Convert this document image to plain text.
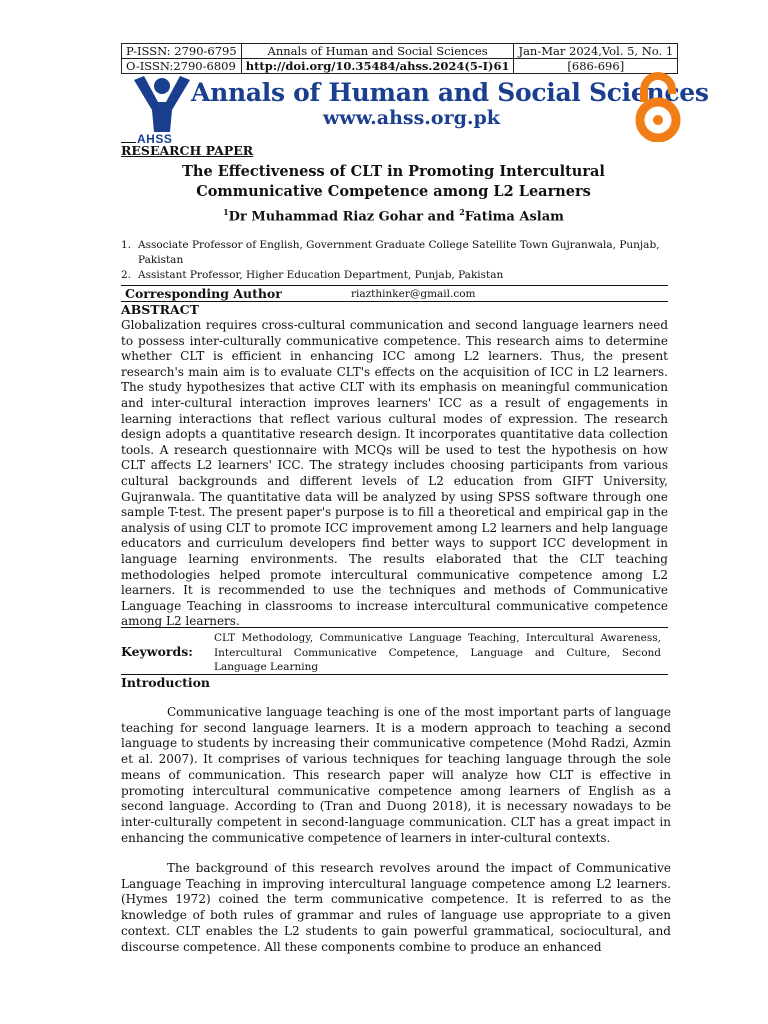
P-ISSN: 2790-6795	Annals of Human and Social Sciences	Jan-Mar 2024,Vol. 5, No. 1
O-ISSN:2790-6809	http://doi.org/10.35484/ahss.2024(5-I)61	[686-696]
AHSS
Annals of Human and Social Sciences
www.ahss.org.pk
RESEARCH PAPER
The Effectiveness of CLT in Promoting Intercultural Communicative Competence among L2 Learners
$^1$Dr Muhammad Riaz Gohar and $^2$Fatima Aslam
1. Associate Professor of English, Government Graduate College Satellite Town Gujranwala, Punjab, Pakistan
2. Assistant Professor, Higher Education Department, Punjab, Pakistan
Corresponding Author	riazthinker@gmail.com
ABSTRACT
Globalization requires cross-cultural communication and second language learners need to possess inter-culturally communicative competence. This research aims to determine whether CLT is efficient in enhancing ICC among L2 learners. Thus, the present research's main aim is to evaluate CLT's effects on the acquisition of ICC in L2 learners. The study hypothesizes that active CLT with its emphasis on meaningful communication and inter-cultural interaction improves learners' ICC as a result of engagements in learning interactions that reflect various cultural modes of expression. The research design adopts a quantitative research design. It incorporates quantitative data collection tools. A research questionnaire with MCQs will be used to test the hypothesis on how CLT affects L2 learners' ICC. The strategy includes choosing participants from various cultural backgrounds and different levels of L2 education from GIFT University, Gujranwala. The quantitative data will be analyzed by using SPSS software through one sample T-test. The present paper's purpose is to fill a theoretical and empirical gap in the analysis of using CLT to promote ICC improvement among L2 learners and help language educators and curriculum developers find better ways to support ICC development in language learning environments. The results elaborated that the CLT teaching methodologies helped promote intercultural communicative competence among L2 learners. It is recommended to use the techniques and methods of Communicative Language Teaching in classrooms to increase intercultural communicative competence among L2 learners.
Keywords:
CLT Methodology, Communicative Language Teaching, Intercultural Awareness, Intercultural Communicative Competence, Language and Culture, Second Language Learning
Introduction

Communicative language teaching is one of the most important parts of language teaching for second language learners. It is a modern approach to teaching a second language to students by increasing their communicative competence (Mohd Radzi, Azmin et al. 2007). It comprises of various techniques for teaching language through the sole means of communication. This research paper will analyze how CLT is effective in promoting intercultural communicative competence among learners of English as a second language. According to (Tran and Duong 2018), it is necessary nowadays to be inter-culturally competent in second-language communication. CLT has a great impact in enhancing the communicative competence of learners in inter-cultural contexts.

The background of this research revolves around the impact of Communicative Language Teaching in improving intercultural language competence among L2 learners. (Hymes 1972) coined the term communicative competence. It is referred to as the knowledge of both rules of grammar and rules of language use appropriate to a given context. CLT enables the L2 students to gain powerful grammatical, sociocultural, and discourse competence. All these components combine to produce an enhanced
